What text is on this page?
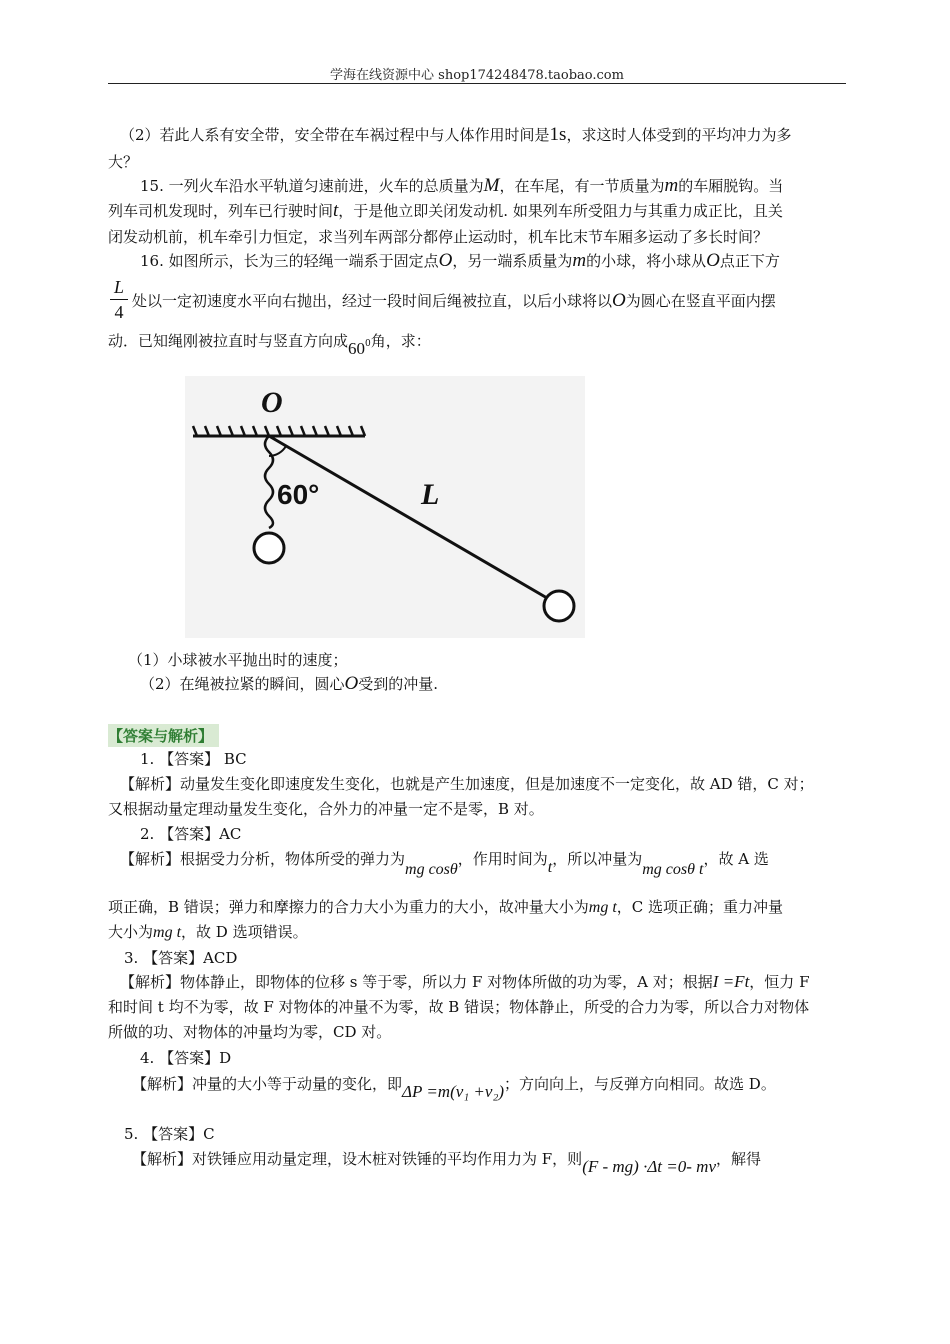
学海在线资源中心 shop174248478.taobao.com
（2）若此人系有安全带，安全带在车祸过程中与人体作用时间是1s，求这时人体受到的平均冲力为多
大？
15. 一列火车沿水平轨道匀速前进，火车的总质量为M，在车尾，有一节质量为m的车厢脱钩。当
列车司机发现时，列车已行驶时间t，于是他立即关闭发动机. 如果列车所受阻力与其重力成正比，且关
闭发动机前，机车牵引力恒定，求当列车两部分都停止运动时，机车比末节车厢多运动了多长时间？
16. 如图所示，长为三的轻绳一端系于固定点O，另一端系质量为m的小球，将小球从O点正下方
L
4
处以一定初速度水平向右抛出，经过一段时间后绳被拉直，以后小球将以O为圆心在竖直平面内摆
动．已知绳刚被拉直时与竖直方向成$60^0$角，求：
O
60°	L
（1）小球被水平抛出时的速度；
（2）在绳被拉紧的瞬间，圆心O受到的冲量.
【答案与解析】
1. 【答案】 BC
【解析】动量发生变化即速度发生变化，也就是产生加速度，但是加速度不一定变化，故 AD 错，C 对；
又根据动量定理动量发生变化，合外力的冲量一定不是零，B 对。
2. 【答案】AC
【解析】根据受力分析，物体所受的弹力为mg cosθ，作用时间为t，所以冲量为mg cosθ t，故 A 选
项正确，B 错误；弹力和摩擦力的合力大小为重力的大小，故冲量大小为mg t，C 选项正确；重力冲量
大小为mg t，故 D 选项错误。
3. 【答案】ACD
【解析】物体静止，即物体的位移 s 等于零，所以力 F 对物体所做的功为零，A 对；根据I =Ft，恒力 F
和时间 t 均不为零，故 F 对物体的冲量不为零，故 B 错误；物体静止，所受的合力为零，所以合力对物体
所做的功、对物体的冲量均为零，CD 对。
4. 【答案】D
【解析】冲量的大小等于动量的变化，即ΔP =m(v₁ +v₂)；方向向上，与反弹方向相同。故选 D。
5. 【答案】C
【解析】对铁锤应用动量定理，设木桩对铁锤的平均作用力为 F，则(F - mg) ·Δt =0- mv，解得
